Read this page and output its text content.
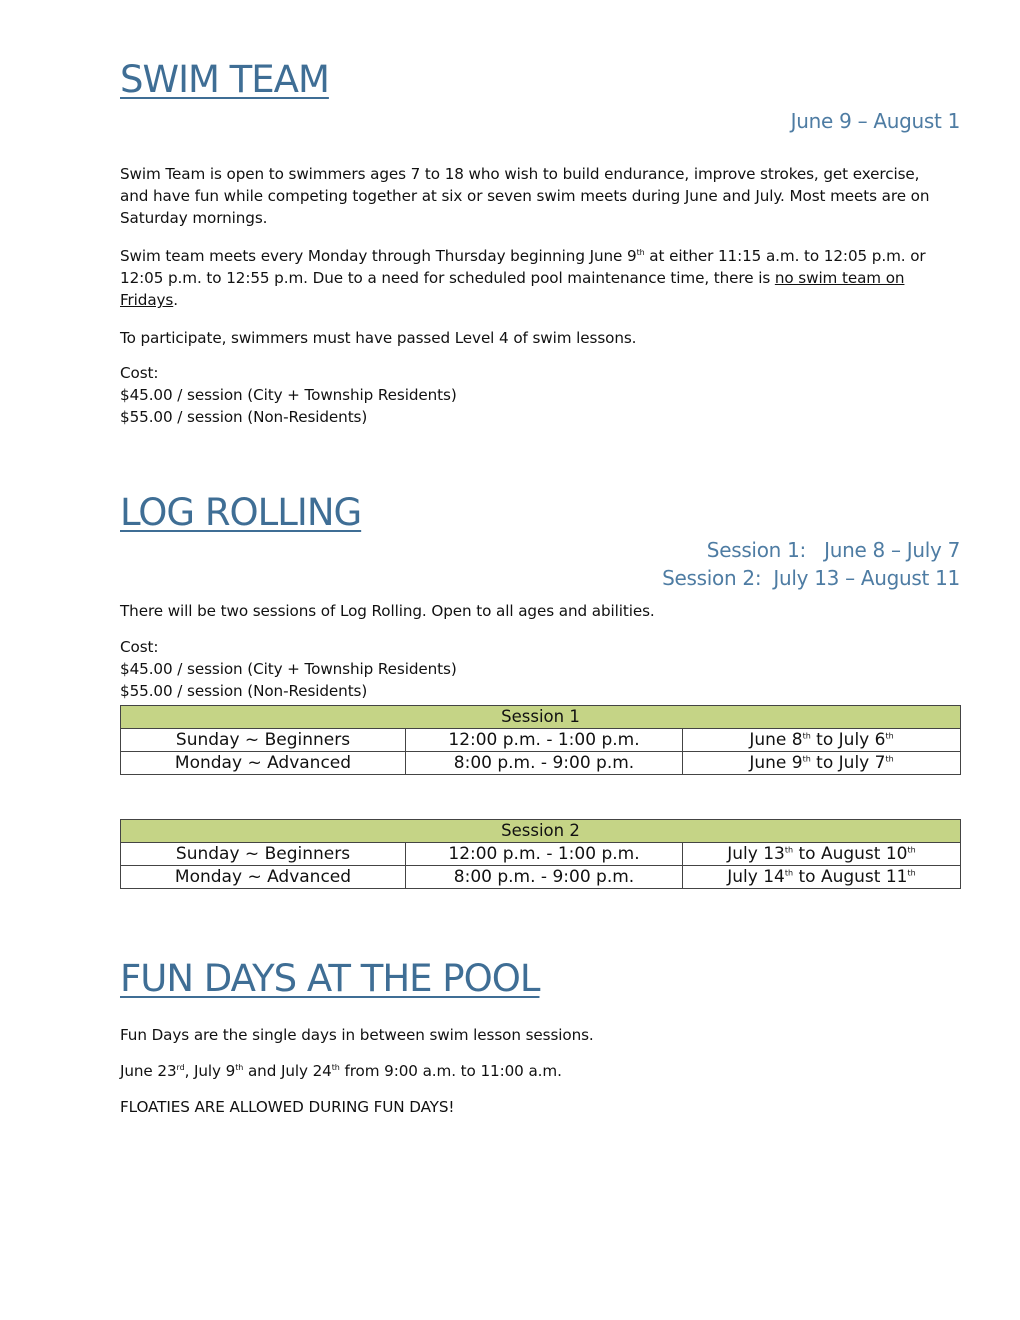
SWIM TEAM
June 9 – August 1
Swim Team is open to swimmers ages 7 to 18 who wish to build endurance, improve strokes, get exercise,
and have fun while competing together at six or seven swim meets during June and July. Most meets are on
Saturday mornings.
Swim team meets every Monday through Thursday beginning June 9th at either 11:15 a.m. to 12:05 p.m. or
12:05 p.m. to 12:55 p.m. Due to a need for scheduled pool maintenance time, there is no swim team on
Fridays.
To participate, swimmers must have passed Level 4 of swim lessons.
Cost:
$45.00 / session (City + Township Residents)
$55.00 / session (Non-Residents)
LOG ROLLING
Session 1:   June 8 – July 7
Session 2:  July 13 – August 11
There will be two sessions of Log Rolling. Open to all ages and abilities.
Cost:
$45.00 / session (City + Township Residents)
$55.00 / session (Non-Residents)
Session 1		
Sunday ~ Beginners	12:00 p.m. - 1:00 p.m.	June 8th to July 6th
Monday ~ Advanced	8:00 p.m. - 9:00 p.m.	June 9th to July 7th
Session 2		
Sunday ~ Beginners	12:00 p.m. - 1:00 p.m.	July 13th to August 10th
Monday ~ Advanced	8:00 p.m. - 9:00 p.m.	July 14th to August 11th
FUN DAYS AT THE POOL
Fun Days are the single days in between swim lesson sessions.
June 23rd, July 9th and July 24th from 9:00 a.m. to 11:00 a.m.
FLOATIES ARE ALLOWED DURING FUN DAYS!
